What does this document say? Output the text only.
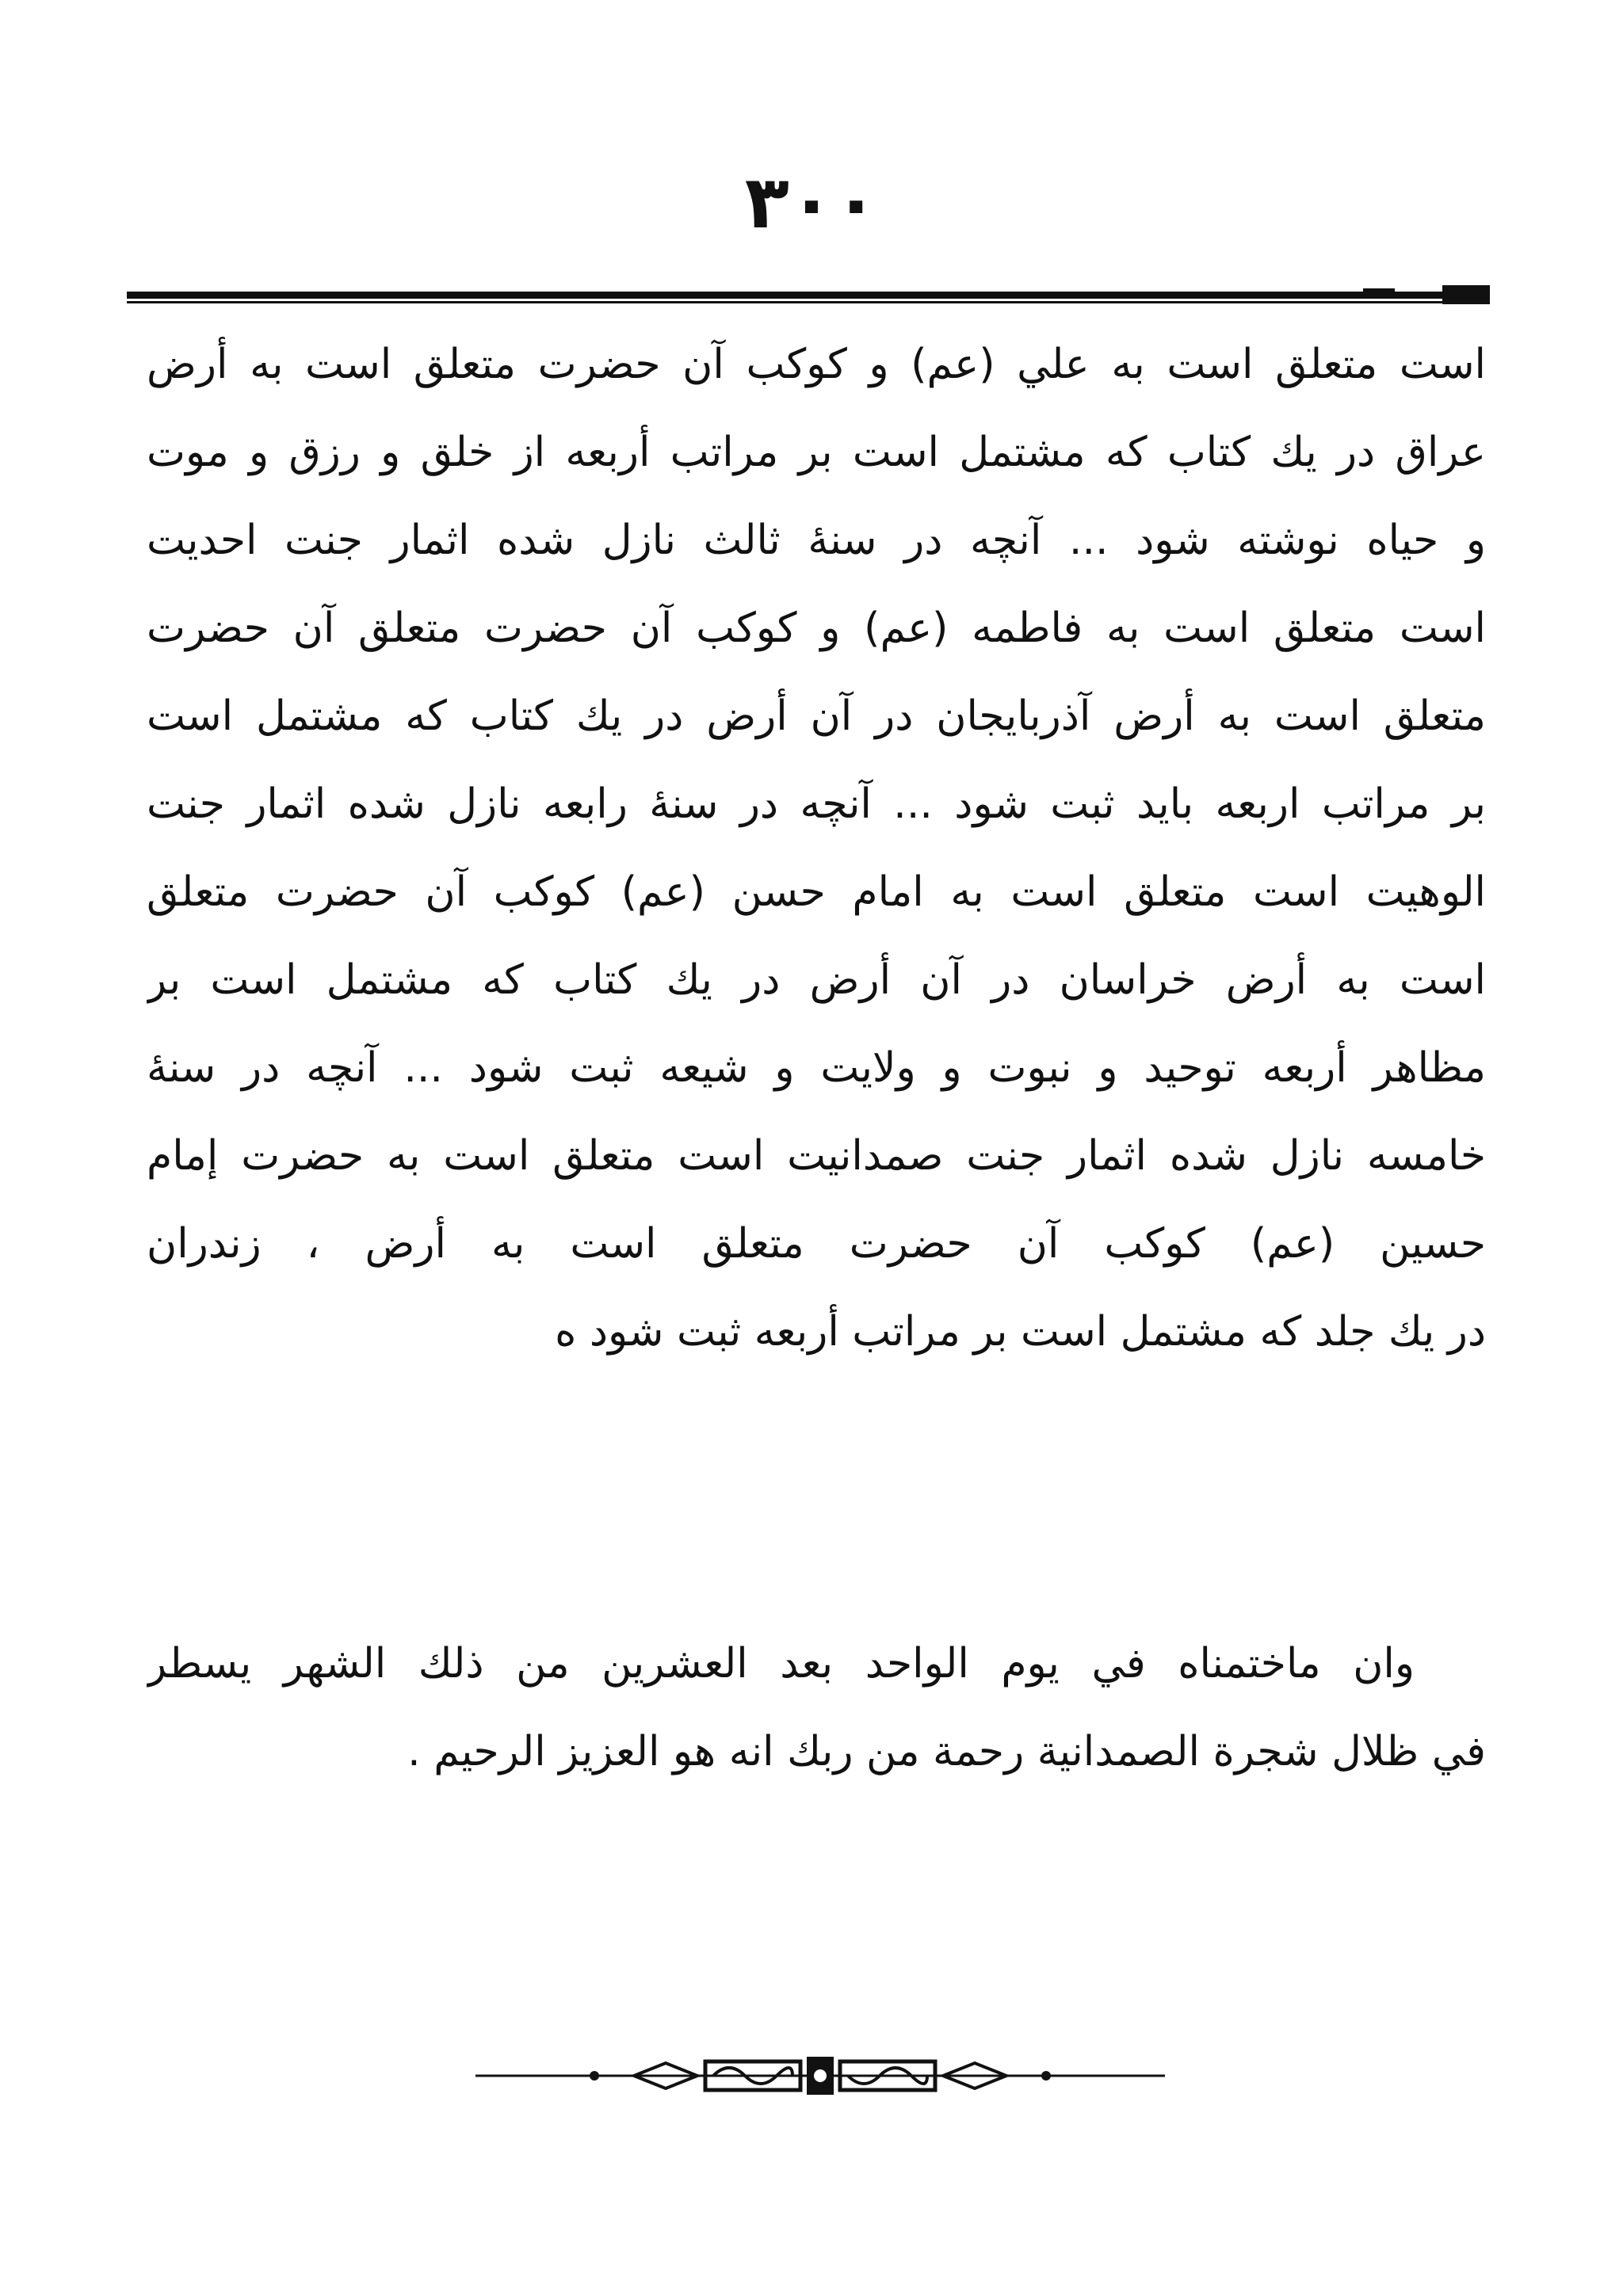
٣٠٠
است متعلق است به علي (عم) و کوکب آن حضرت متعلق است به أرض
عراق در يك کتاب که مشتمل است بر مراتب أربعه از خلق و رزق و موت
و حياه نوشته شود ... آنچه در سنهٔ ثالث نازل شده اثمار جنت احديت
است متعلق است به فاطمه (عم) و کوکب آن حضرت متعلق آن حضرت
متعلق است به أرض آذربايجان در آن أرض در يك کتاب که مشتمل است
بر مراتب اربعه بايد ثبت شود ... آنچه در سنهٔ رابعه نازل شده اثمار جنت
الوهيت است متعلق است به امام حسن (عم) کوکب آن حضرت متعلق
است به أرض خراسان در آن أرض در يك کتاب که مشتمل است بر
مظاهر أربعه توحيد و نبوت و ولايت و شيعه ثبت شود ... آنچه در سنهٔ
خامسه نازل شده اثمار جنت صمدانيت است متعلق است به حضرت إمام
حسين (عم) کوکب آن حضرت متعلق است به أرض ، زندران
در يك جلد که مشتمل است بر مراتب أربعه ثبت شود ه
وان ماختمناه في يوم الواحد بعد العشرين من ذلك الشهر يسطر
في ظلال شجرة الصمدانية رحمة من ربك انه هو العزيز الرحيم .
